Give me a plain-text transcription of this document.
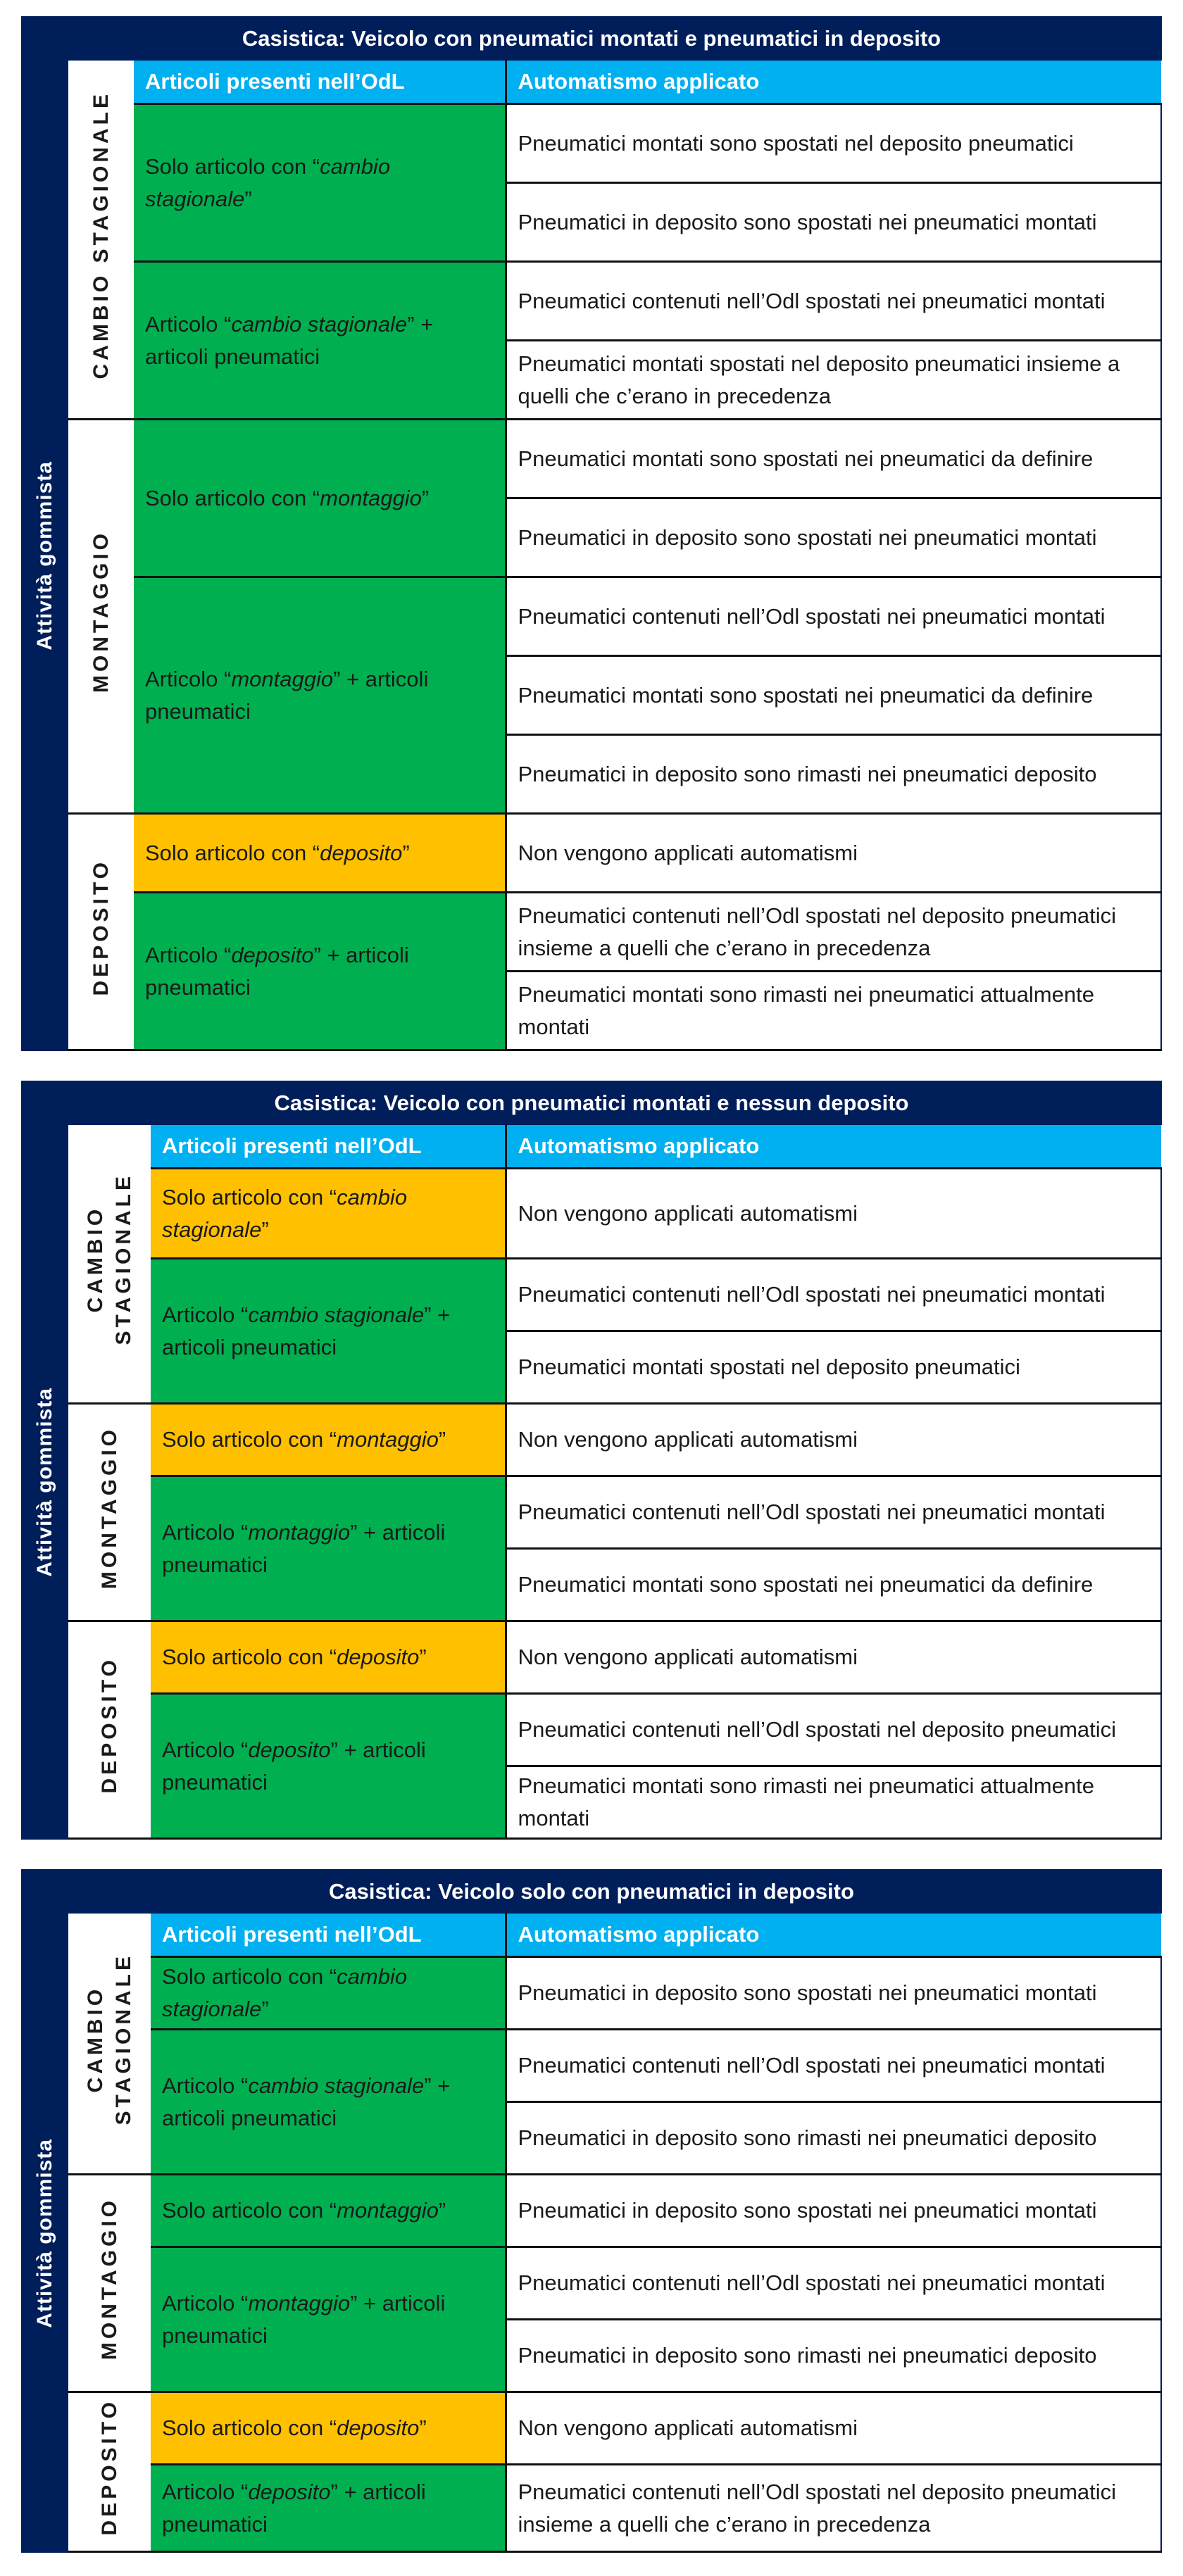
Casistica: Veicolo con pneumatici montati e pneumatici in deposito
Attività gommista
CAMBIO STAGIONALE	Articoli presenti nell’OdL	Automatismo applicato
	Solo articolo con “cambio stagionale”	Pneumatici montati sono spostati nel deposito pneumatici
		Pneumatici in deposito sono spostati nei pneumatici montati
	Articolo “cambio stagionale” + articoli pneumatici	Pneumatici contenuti nell’Odl spostati nei pneumatici montati
		Pneumatici montati spostati nel deposito pneumatici insieme a quelli che c’erano in precedenza
MONTAGGIO	Solo articolo con “montaggio”	Pneumatici montati sono spostati nei pneumatici da definire
		Pneumatici in deposito sono spostati nei pneumatici montati
	Articolo “montaggio” + articoli pneumatici	Pneumatici contenuti nell’Odl spostati nei pneumatici montati
		Pneumatici montati sono spostati nei pneumatici da definire
		Pneumatici in deposito sono rimasti nei pneumatici deposito
DEPOSITO	Solo articolo con “deposito”	Non vengono applicati automatismi
	Articolo “deposito” + articoli pneumatici	Pneumatici contenuti nell’Odl spostati nel deposito pneumatici insieme a quelli che c’erano in precedenza
		Pneumatici montati sono rimasti nei pneumatici attualmente montati
Casistica: Veicolo con pneumatici montati e nessun deposito
Attività gommista
CAMBIO STAGIONALE	Articoli presenti nell’OdL	Automatismo applicato
	Solo articolo con “cambio stagionale”	Non vengono applicati automatismi
	Articolo “cambio stagionale” + articoli pneumatici	Pneumatici contenuti nell’Odl spostati nei pneumatici montati
		Pneumatici montati spostati nel deposito pneumatici
MONTAGGIO	Solo articolo con “montaggio”	Non vengono applicati automatismi
	Articolo “montaggio” + articoli pneumatici	Pneumatici contenuti nell’Odl spostati nei pneumatici montati
		Pneumatici montati sono spostati nei pneumatici da definire
DEPOSITO	Solo articolo con “deposito”	Non vengono applicati automatismi
	Articolo “deposito” + articoli pneumatici	Pneumatici contenuti nell’Odl spostati nel deposito pneumatici
		Pneumatici montati sono rimasti nei pneumatici attualmente montati
Casistica: Veicolo solo con pneumatici in deposito
Attività gommista
CAMBIO STAGIONALE	Articoli presenti nell’OdL	Automatismo applicato
	Solo articolo con “cambio stagionale”	Pneumatici in deposito sono spostati nei pneumatici montati
	Articolo “cambio stagionale” + articoli pneumatici	Pneumatici contenuti nell’Odl spostati nei pneumatici montati
		Pneumatici in deposito sono rimasti nei pneumatici deposito
MONTAGGIO	Solo articolo con “montaggio”	Pneumatici in deposito sono spostati nei pneumatici montati
	Articolo “montaggio” + articoli pneumatici	Pneumatici contenuti nell’Odl spostati nei pneumatici montati
		Pneumatici in deposito sono rimasti nei pneumatici deposito
DEPOSITO	Solo articolo con “deposito”	Non vengono applicati automatismi
	Articolo “deposito” + articoli pneumatici	Pneumatici contenuti nell’Odl spostati nel deposito pneumatici insieme a quelli che c’erano in precedenza
